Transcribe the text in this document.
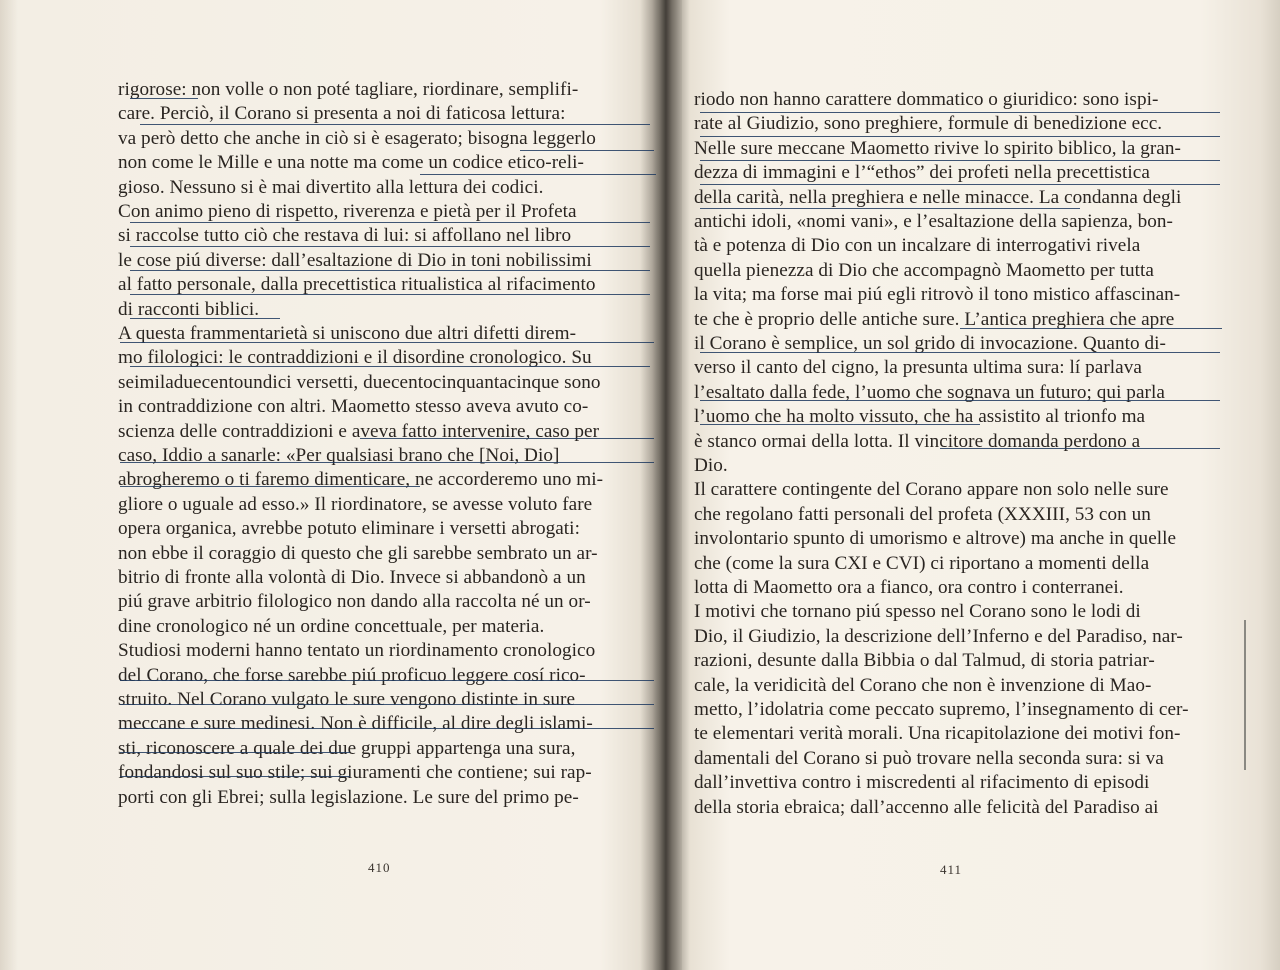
rigorose: non volle o non poté tagliare, riordinare, semplifi-
care. Perciò, il Corano si presenta a noi di faticosa lettura:
va però detto che anche in ciò si è esagerato; bisogna leggerlo
non come le Mille e una notte ma come un codice etico-reli-
gioso. Nessuno si è mai divertito alla lettura dei codici.
Con animo pieno di rispetto, riverenza e pietà per il Profeta
si raccolse tutto ciò che restava di lui: si affollano nel libro
le cose piú diverse: dall’esaltazione di Dio in toni nobilissimi
al fatto personale, dalla precettistica ritualistica al rifacimento
di racconti biblici.
A questa frammentarietà si uniscono due altri difetti direm-
mo filologici: le contraddizioni e il disordine cronologico. Su
seimiladuecentoundici versetti, duecentocinquantacinque sono
in contraddizione con altri. Maometto stesso aveva avuto co-
scienza delle contraddizioni e aveva fatto intervenire, caso per
caso, Iddio a sanarle: «Per qualsiasi brano che [Noi, Dio]
abrogheremo o ti faremo dimenticare, ne accorderemo uno mi-
gliore o uguale ad esso.» Il riordinatore, se avesse voluto fare
opera organica, avrebbe potuto eliminare i versetti abrogati:
non ebbe il coraggio di questo che gli sarebbe sembrato un ar-
bitrio di fronte alla volontà di Dio. Invece si abbandonò a un
piú grave arbitrio filologico non dando alla raccolta né un or-
dine cronologico né un ordine concettuale, per materia.
Studiosi moderni hanno tentato un riordinamento cronologico
del Corano, che forse sarebbe piú proficuo leggere cosí rico-
struito. Nel Corano vulgato le sure vengono distinte in sure
meccane e sure medinesi. Non è difficile, al dire degli islami-
sti, riconoscere a quale dei due gruppi appartenga una sura,
fondandosi sul suo stile; sui giuramenti che contiene; sui rap-
porti con gli Ebrei; sulla legislazione. Le sure del primo pe-
riodo non hanno carattere dommatico o giuridico: sono ispi-
rate al Giudizio, sono preghiere, formule di benedizione ecc.
Nelle sure meccane Maometto rivive lo spirito biblico, la gran-
dezza di immagini e l’“ethos” dei profeti nella precettistica
della carità, nella preghiera e nelle minacce. La condanna degli
antichi idoli, «nomi vani», e l’esaltazione della sapienza, bon-
tà e potenza di Dio con un incalzare di interrogativi rivela
quella pienezza di Dio che accompagnò Maometto per tutta
la vita; ma forse mai piú egli ritrovò il tono mistico affascinan-
te che è proprio delle antiche sure. L’antica preghiera che apre
il Corano è semplice, un sol grido di invocazione. Quanto di-
verso il canto del cigno, la presunta ultima sura: lí parlava
l’esaltato dalla fede, l’uomo che sognava un futuro; qui parla
l’uomo che ha molto vissuto, che ha assistito al trionfo ma
è stanco ormai della lotta. Il vincitore domanda perdono a
Dio.
Il carattere contingente del Corano appare non solo nelle sure
che regolano fatti personali del profeta (XXXIII, 53 con un
involontario spunto di umorismo e altrove) ma anche in quelle
che (come la sura CXI e CVI) ci riportano a momenti della
lotta di Maometto ora a fianco, ora contro i conterranei.
I motivi che tornano piú spesso nel Corano sono le lodi di
Dio, il Giudizio, la descrizione dell’Inferno e del Paradiso, nar-
razioni, desunte dalla Bibbia o dal Talmud, di storia patriar-
cale, la veridicità del Corano che non è invenzione di Mao-
metto, l’idolatria come peccato supremo, l’insegnamento di cer-
te elementari verità morali. Una ricapitolazione dei motivi fon-
damentali del Corano si può trovare nella seconda sura: si va
dall’invettiva contro i miscredenti al rifacimento di episodi
della storia ebraica; dall’accenno alle felicità del Paradiso ai
410	411
